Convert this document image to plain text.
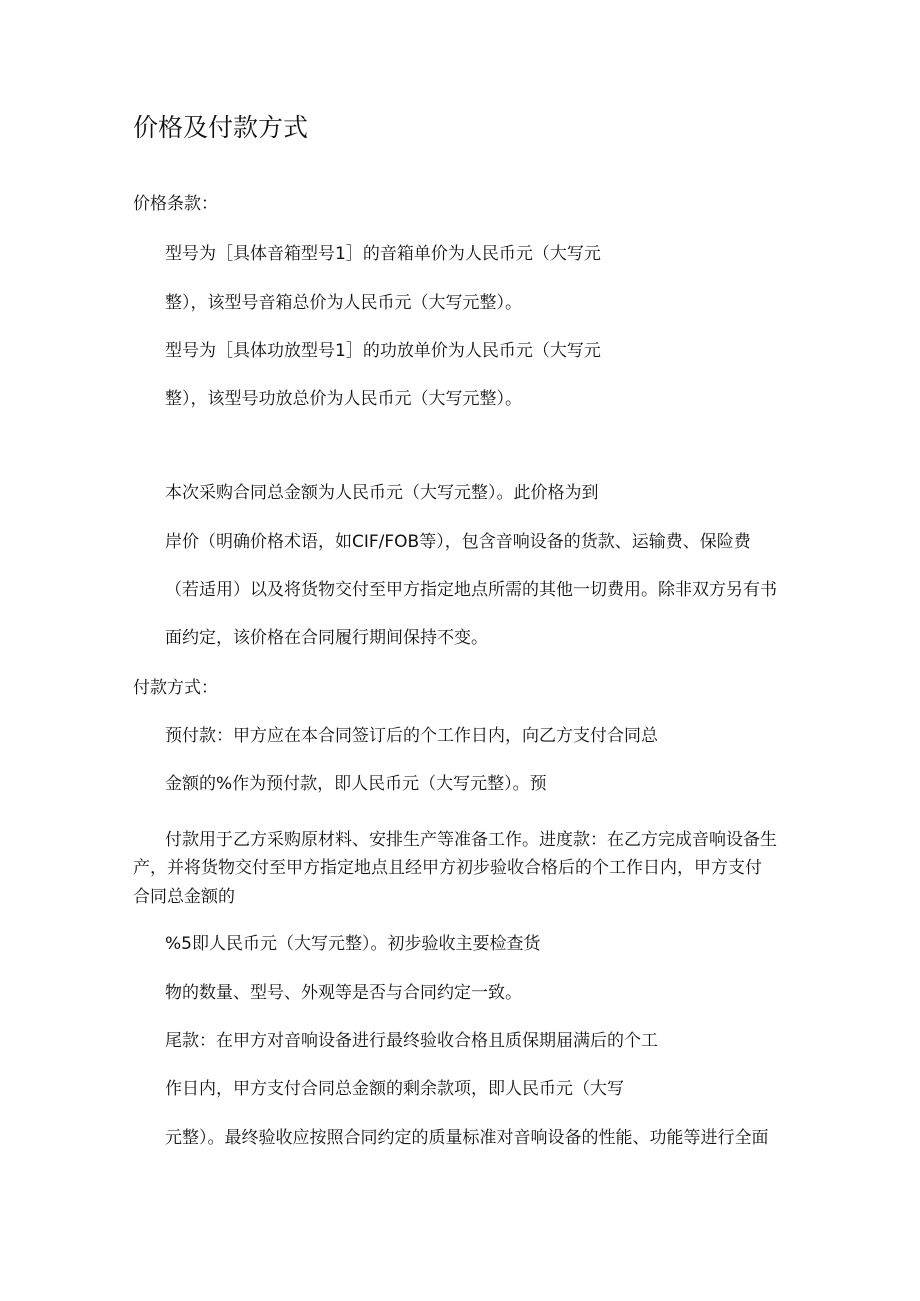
价格及付款方式
价格条款：
型号为［具体音箱型号1］的音箱单价为人民币元（大写元
整），该型号音箱总价为人民币元（大写元整）。
型号为［具体功放型号1］的功放单价为人民币元（大写元
整），该型号功放总价为人民币元（大写元整）。
本次采购合同总金额为人民币元（大写元整）。此价格为到
岸价（明确价格术语，如CIF/FOB等），包含音响设备的货款、运输费、保险费
（若适用）以及将货物交付至甲方指定地点所需的其他一切费用。除非双方另有书
面约定，该价格在合同履行期间保持不变。
付款方式：
预付款：甲方应在本合同签订后的个工作日内，向乙方支付合同总
金额的%作为预付款，即人民币元（大写元整）。预
付款用于乙方采购原材料、安排生产等准备工作。进度款：在乙方完成音响设备生
产，并将货物交付至甲方指定地点且经甲方初步验收合格后的个工作日内，甲方支付
合同总金额的
%5即人民币元（大写元整）。初步验收主要检查货
物的数量、型号、外观等是否与合同约定一致。
尾款：在甲方对音响设备进行最终验收合格且质保期届满后的个工
作日内，甲方支付合同总金额的剩余款项，即人民币元（大写
元整）。最终验收应按照合同约定的质量标准对音响设备的性能、功能等进行全面
